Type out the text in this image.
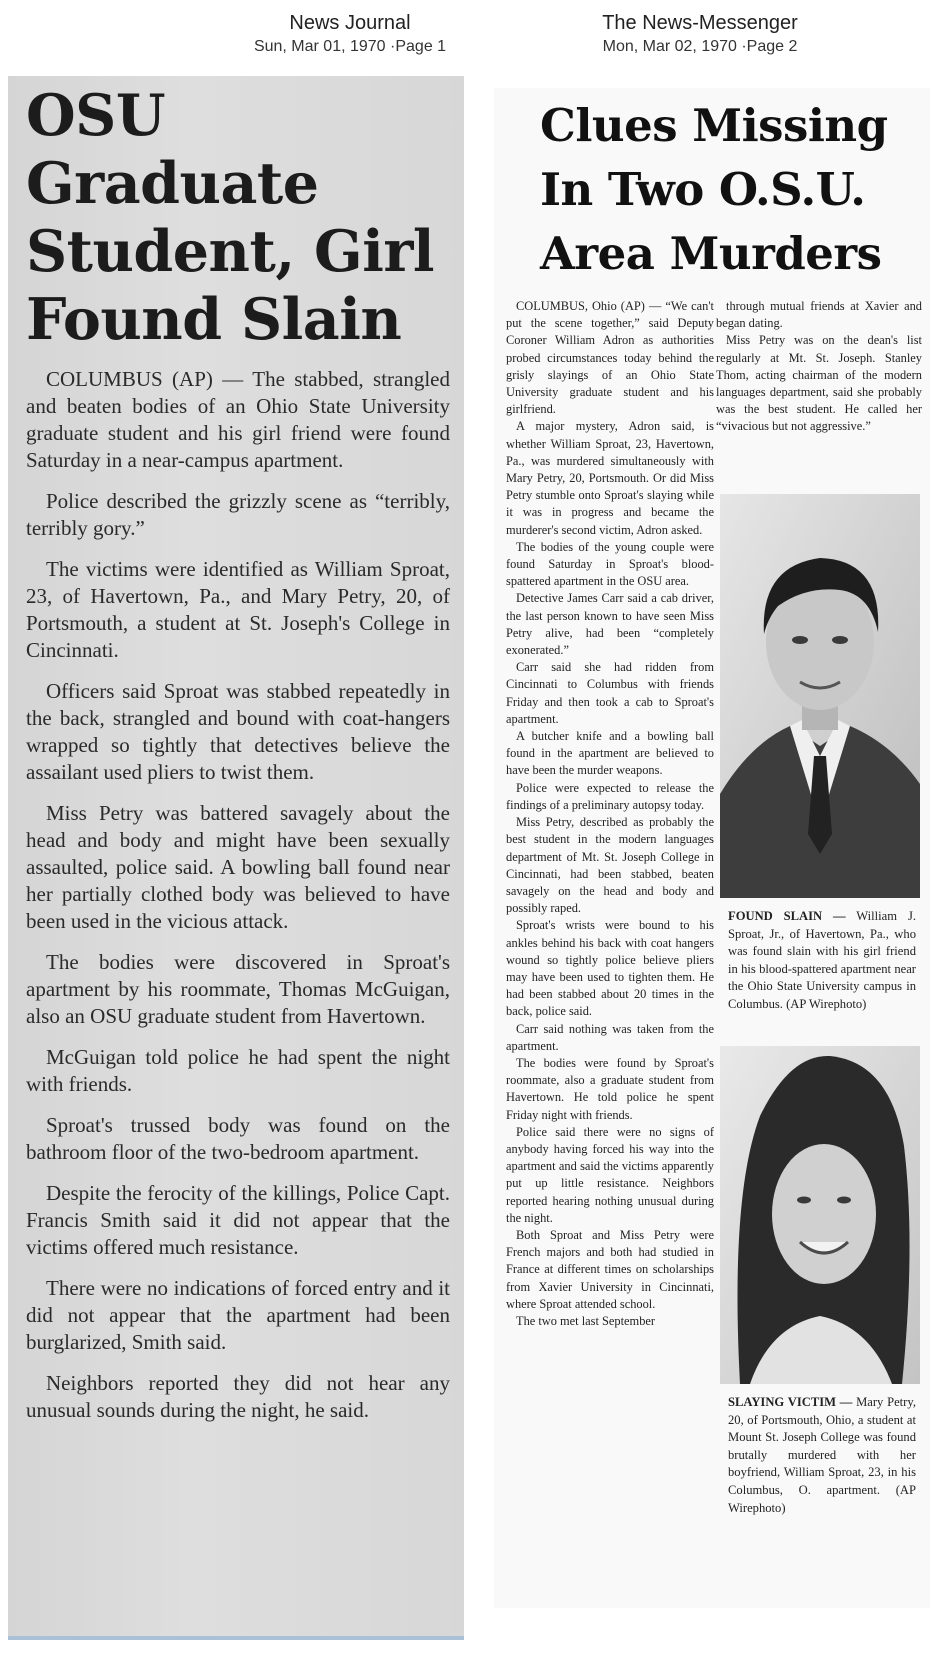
News Journal
Sun, Mar 01, 1970 ·Page 1
The News-Messenger
Mon, Mar 02, 1970 ·Page 2
OSU Graduate Student, Girl Found Slain

COLUMBUS (AP) — The stabbed, strangled and beaten bodies of an Ohio State University graduate student and his girl friend were found Saturday in a near-campus apartment.

Police described the grizzly scene as “terribly, terribly gory.”

The victims were identified as William Sproat, 23, of Havertown, Pa., and Mary Petry, 20, of Portsmouth, a student at St. Joseph's College in Cincinnati.

Officers said Sproat was stabbed repeatedly in the back, strangled and bound with coat-hangers wrapped so tightly that detectives believe the assailant used pliers to twist them.

Miss Petry was battered savagely about the head and body and might have been sexually assaulted, police said. A bowling ball found near her partially clothed body was believed to have been used in the vicious attack.

The bodies were discovered in Sproat's apartment by his roommate, Thomas McGuigan, also an OSU graduate student from Havertown.

McGuigan told police he had spent the night with friends.

Sproat's trussed body was found on the bathroom floor of the two-bedroom apartment.

Despite the ferocity of the killings, Police Capt. Francis Smith said it did not appear that the victims offered much resistance.

There were no indications of forced entry and it did not appear that the apartment had been burglarized, Smith said.

Neighbors reported they did not hear any unusual sounds during the night, he said.

Clues Missing In Two O.S.U. Area Murders

COLUMBUS, Ohio (AP) — “We can't put the scene together,” said Deputy Coroner William Adron as authorities probed circumstances today behind the grisly slayings of an Ohio State University graduate student and his girlfriend.

A major mystery, Adron said, is whether William Sproat, 23, Havertown, Pa., was murdered simultaneously with Mary Petry, 20, Portsmouth. Or did Miss Petry stumble onto Sproat's slaying while it was in progress and became the murderer's second victim, Adron asked.

The bodies of the young couple were found Saturday in Sproat's blood-spattered apartment in the OSU area.

Detective James Carr said a cab driver, the last person known to have seen Miss Petry alive, had been “completely exonerated.”

Carr said she had ridden from Cincinnati to Columbus with friends Friday and then took a cab to Sproat's apartment.

A butcher knife and a bowling ball found in the apartment are believed to have been the murder weapons.

Police were expected to release the findings of a preliminary autopsy today.

Miss Petry, described as probably the best student in the modern languages department of Mt. St. Joseph College in Cincinnati, had been stabbed, beaten savagely on the head and body and possibly raped.

Sproat's wrists were bound to his ankles behind his back with coat hangers wound so tightly police believe pliers may have been used to tighten them. He had been stabbed about 20 times in the back, police said.

Carr said nothing was taken from the apartment.

The bodies were found by Sproat's roommate, also a graduate student from Havertown. He told police he spent Friday night with friends.

Police said there were no signs of anybody having forced his way into the apartment and said the victims apparently put up little resistance. Neighbors reported hearing nothing unusual during the night.

Both Sproat and Miss Petry were French majors and both had studied in France at different times on scholarships from Xavier University in Cincinnati, where Sproat attended school.

The two met last September

through mutual friends at Xavier and began dating.

Miss Petry was on the dean's list regularly at Mt. St. Joseph. Stanley Thom, acting chairman of the modern languages department, said she probably was the best student. He called her “vivacious but not aggressive.”

FOUND SLAIN — William J. Sproat, Jr., of Havertown, Pa., who was found slain with his girl friend in his blood-spattered apartment near the Ohio State University campus in Columbus. (AP Wirephoto)
SLAYING VICTIM — Mary Petry, 20, of Portsmouth, Ohio, a student at Mount St. Joseph College was found brutally murdered with her boyfriend, William Sproat, 23, in his Columbus, O. apartment. (AP Wirephoto)
